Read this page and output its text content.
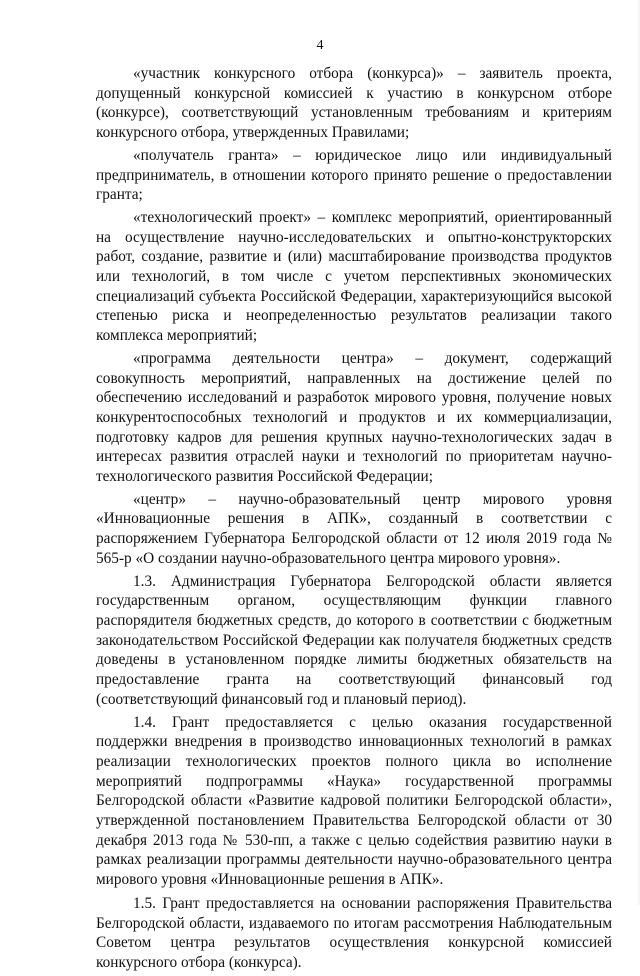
4

«участник конкурсного отбора (конкурса)» – заявитель проекта, допущенный конкурсной комиссией к участию в конкурсном отборе (конкурсе), соответствующий установленным требованиям и критериям конкурсного отбора, утвержденных Правилами;

«получатель гранта» – юридическое лицо или индивидуальный предприниматель, в отношении которого принято решение о предоставлении гранта;

«технологический проект» – комплекс мероприятий, ориентированный на осуществление научно-исследовательских и опытно-конструкторских работ, создание, развитие и (или) масштабирование производства продуктов или технологий, в том числе с учетом перспективных экономических специализаций субъекта Российской Федерации, характеризующийся высокой степенью риска и неопределенностью результатов реализации такого комплекса мероприятий;

«программа деятельности центра» – документ, содержащий совокупность мероприятий, направленных на достижение целей по обеспечению исследований и разработок мирового уровня, получение новых конкурентоспособных технологий и продуктов и их коммерциализации, подготовку кадров для решения крупных научно-технологических задач в интересах развития отраслей науки и технологий по приоритетам научно-технологического развития Российской Федерации;

«центр» – научно-образовательный центр мирового уровня «Инновационные решения в АПК», созданный в соответствии с распоряжением Губернатора Белгородской области от 12 июля 2019 года № 565-р «О создании научно-образовательного центра мирового уровня».

1.3. Администрация Губернатора Белгородской области является государственным органом, осуществляющим функции главного распорядителя бюджетных средств, до которого в соответствии с бюджетным законодательством Российской Федерации как получателя бюджетных средств доведены в установленном порядке лимиты бюджетных обязательств на предоставление гранта на соответствующий финансовый год (соответствующий финансовый год и плановый период).

1.4. Грант предоставляется с целью оказания государственной поддержки внедрения в производство инновационных технологий в рамках реализации технологических проектов полного цикла во исполнение мероприятий подпрограммы «Наука» государственной программы Белгородской области «Развитие кадровой политики Белгородской области», утвержденной постановлением Правительства Белгородской области от 30 декабря 2013 года № 530-пп, а также с целью содействия развитию науки в рамках реализации программы деятельности научно-образовательного центра мирового уровня «Инновационные решения в АПК».

1.5. Грант предоставляется на основании распоряжения Правительства Белгородской области, издаваемого по итогам рассмотрения Наблюдательным Советом центра результатов осуществления конкурсной комиссией конкурсного отбора (конкурса).
